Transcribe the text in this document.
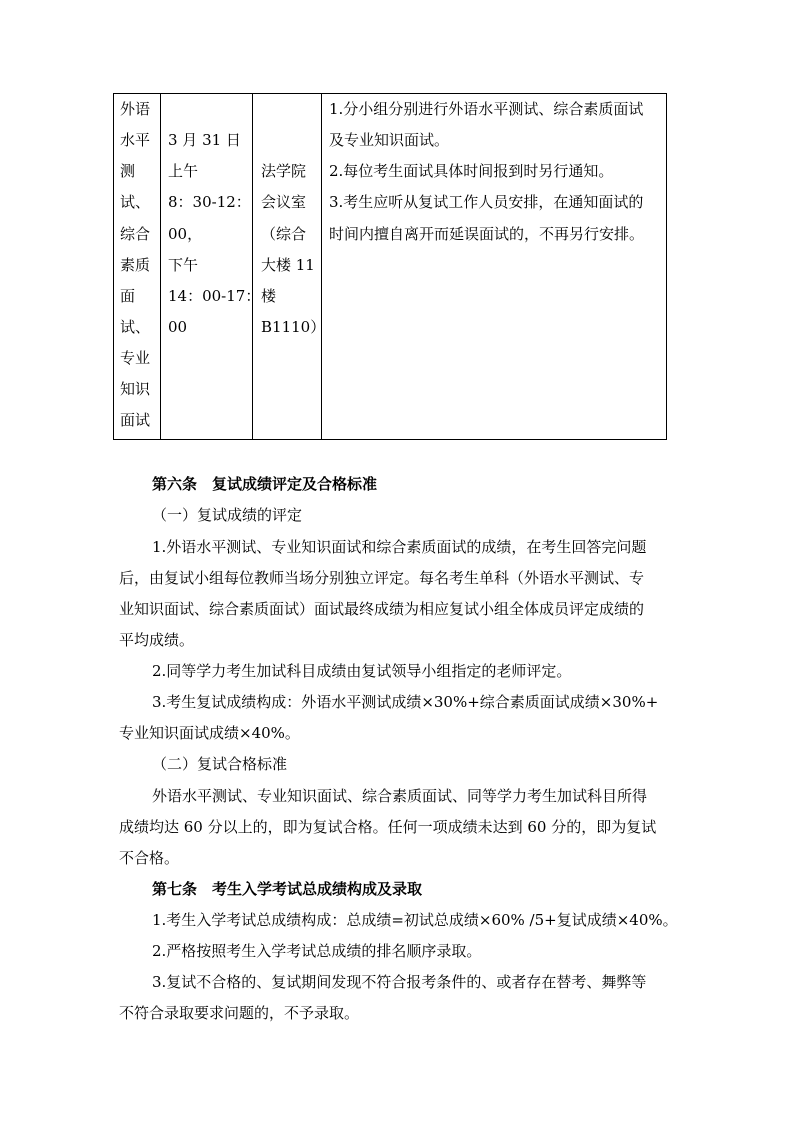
外语
水平
测
试、
综合
素质
面
试、
专业
知识
面试

3 月 31 日
上午
8：30-12：
00，
下午
14：00-17：
00

法学院
会议室
（综合
大楼 11
楼
B1110）

1.分小组分别进行外语水平测试、综合素质面试
及专业知识面试。
2.每位考生面试具体时间报到时另行通知。
3.考生应听从复试工作人员安排，在通知面试的
时间内擅自离开而延误面试的，不再另行安排。
第六条　复试成绩评定及合格标准
（一）复试成绩的评定
1.外语水平测试、专业知识面试和综合素质面试的成绩，在考生回答完问题
后，由复试小组每位教师当场分别独立评定。每名考生单科（外语水平测试、专
业知识面试、综合素质面试）面试最终成绩为相应复试小组全体成员评定成绩的
平均成绩。
2.同等学力考生加试科目成绩由复试领导小组指定的老师评定。
3.考生复试成绩构成：外语水平测试成绩×30%+综合素质面试成绩×30%+
专业知识面试成绩×40%。
（二）复试合格标准
外语水平测试、专业知识面试、综合素质面试、同等学力考生加试科目所得
成绩均达 60 分以上的，即为复试合格。任何一项成绩未达到 60 分的，即为复试
不合格。
第七条　考生入学考试总成绩构成及录取
1.考生入学考试总成绩构成：总成绩=初试总成绩×60% /5+复试成绩×40%。
2.严格按照考生入学考试总成绩的排名顺序录取。
3.复试不合格的、复试期间发现不符合报考条件的、或者存在替考、舞弊等
不符合录取要求问题的，不予录取。
